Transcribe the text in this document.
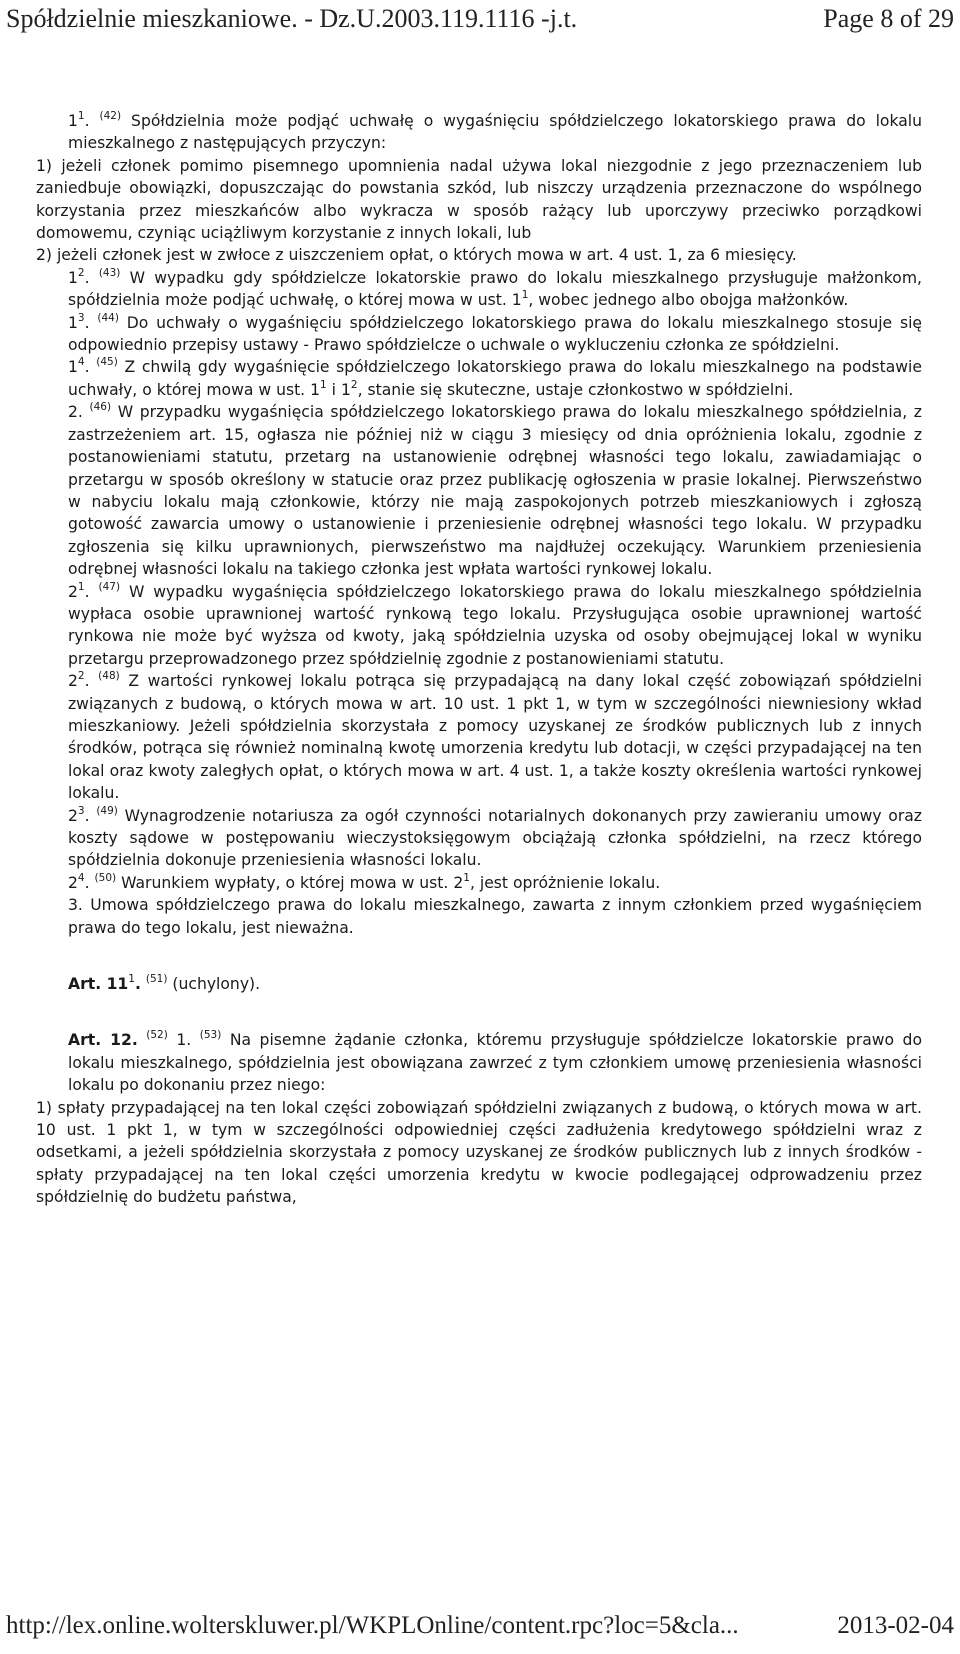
Spółdzielnie mieszkaniowe. - Dz.U.2003.119.1116 -j.t.	Page 8 of 29

$1^1$. $^{(42)}$ Spółdzielnia może podjąć uchwałę o wygaśnięciu spółdzielczego lokatorskiego prawa do lokalu mieszkalnego z następujących przyczyn:

1) jeżeli członek pomimo pisemnego upomnienia nadal używa lokal niezgodnie z jego przeznaczeniem lub zaniedbuje obowiązki, dopuszczając do powstania szkód, lub niszczy urządzenia przeznaczone do wspólnego korzystania przez mieszkańców albo wykracza w sposób rażący lub uporczywy przeciwko porządkowi domowemu, czyniąc uciążliwym korzystanie z innych lokali, lub

2) jeżeli członek jest w zwłoce z uiszczeniem opłat, o których mowa w art. 4 ust. 1, za 6 miesięcy.

$1^2$. $^{(43)}$ W wypadku gdy spółdzielcze lokatorskie prawo do lokalu mieszkalnego przysługuje małżonkom, spółdzielnia może podjąć uchwałę, o której mowa w ust. $1^1$, wobec jednego albo obojga małżonków.

$1^3$. $^{(44)}$ Do uchwały o wygaśnięciu spółdzielczego lokatorskiego prawa do lokalu mieszkalnego stosuje się odpowiednio przepisy ustawy - Prawo spółdzielcze o uchwale o wykluczeniu członka ze spółdzielni.

$1^4$. $^{(45)}$ Z chwilą gdy wygaśnięcie spółdzielczego lokatorskiego prawa do lokalu mieszkalnego na podstawie uchwały, o której mowa w ust. $1^1$ i $1^2$, stanie się skuteczne, ustaje członkostwo w spółdzielni.

2. $^{(46)}$ W przypadku wygaśnięcia spółdzielczego lokatorskiego prawa do lokalu mieszkalnego spółdzielnia, z zastrzeżeniem art. 15, ogłasza nie później niż w ciągu 3 miesięcy od dnia opróżnienia lokalu, zgodnie z postanowieniami statutu, przetarg na ustanowienie odrębnej własności tego lokalu, zawiadamiając o przetargu w sposób określony w statucie oraz przez publikację ogłoszenia w prasie lokalnej. Pierwszeństwo w nabyciu lokalu mają członkowie, którzy nie mają zaspokojonych potrzeb mieszkaniowych i zgłoszą gotowość zawarcia umowy o ustanowienie i przeniesienie odrębnej własności tego lokalu. W przypadku zgłoszenia się kilku uprawnionych, pierwszeństwo ma najdłużej oczekujący. Warunkiem przeniesienia odrębnej własności lokalu na takiego członka jest wpłata wartości rynkowej lokalu.

$2^1$. $^{(47)}$ W wypadku wygaśnięcia spółdzielczego lokatorskiego prawa do lokalu mieszkalnego spółdzielnia wypłaca osobie uprawnionej wartość rynkową tego lokalu. Przysługująca osobie uprawnionej wartość rynkowa nie może być wyższa od kwoty, jaką spółdzielnia uzyska od osoby obejmującej lokal w wyniku przetargu przeprowadzonego przez spółdzielnię zgodnie z postanowieniami statutu.

$2^2$. $^{(48)}$ Z wartości rynkowej lokalu potrąca się przypadającą na dany lokal część zobowiązań spółdzielni związanych z budową, o których mowa w art. 10 ust. 1 pkt 1, w tym w szczególności niewniesiony wkład mieszkaniowy. Jeżeli spółdzielnia skorzystała z pomocy uzyskanej ze środków publicznych lub z innych środków, potrąca się również nominalną kwotę umorzenia kredytu lub dotacji, w części przypadającej na ten lokal oraz kwoty zaległych opłat, o których mowa w art. 4 ust. 1, a także koszty określenia wartości rynkowej lokalu.

$2^3$. $^{(49)}$ Wynagrodzenie notariusza za ogół czynności notarialnych dokonanych przy zawieraniu umowy oraz koszty sądowe w postępowaniu wieczystoksięgowym obciążają członka spółdzielni, na rzecz którego spółdzielnia dokonuje przeniesienia własności lokalu.

$2^4$. $^{(50)}$ Warunkiem wypłaty, o której mowa w ust. $2^1$, jest opróżnienie lokalu.

3. Umowa spółdzielczego prawa do lokalu mieszkalnego, zawarta z innym członkiem przed wygaśnięciem prawa do tego lokalu, jest nieważna.

Art. $11^1$. $^{(51)}$ (uchylony).

Art. 12. $^{(52)}$ 1. $^{(53)}$ Na pisemne żądanie członka, któremu przysługuje spółdzielcze lokatorskie prawo do lokalu mieszkalnego, spółdzielnia jest obowiązana zawrzeć z tym członkiem umowę przeniesienia własności lokalu po dokonaniu przez niego:

1) spłaty przypadającej na ten lokal części zobowiązań spółdzielni związanych z budową, o których mowa w art. 10 ust. 1 pkt 1, w tym w szczególności odpowiedniej części zadłużenia kredytowego spółdzielni wraz z odsetkami, a jeżeli spółdzielnia skorzystała z pomocy uzyskanej ze środków publicznych lub z innych środków - spłaty przypadającej na ten lokal części umorzenia kredytu w kwocie podlegającej odprowadzeniu przez spółdzielnię do budżetu państwa,

http://lex.online.wolterskluwer.pl/WKPLOnline/content.rpc?loc=5&cla...	2013-02-04
